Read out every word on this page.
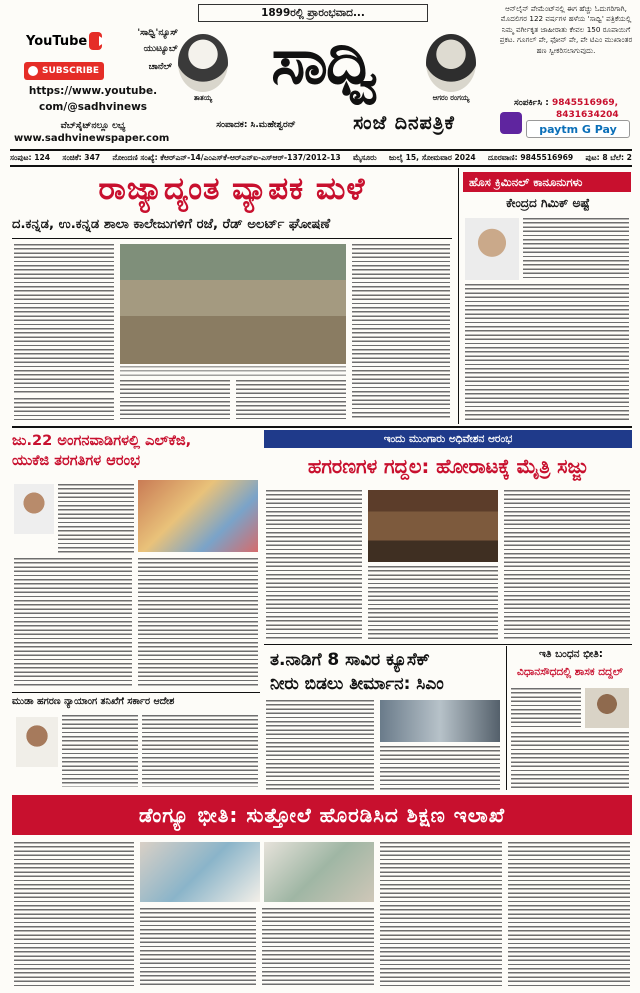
YouTube
SUBSCRIBE
'ಸಾಧ್ವಿ'ನ್ಯೂಸ್
ಯುಟ್ಯೂಬ್
ಚಾನೆಲ್
https://www.youtube.
com/@sadhvinews
ವೆಬ್‌ಸೈಟ್‌ನಲ್ಲೂ ಲಭ್ಯ
www.sadhvinewspaper.com
1899ರಲ್ಲಿ ಪ್ರಾರಂಭವಾದ...
ತಾತಯ್ಯ ಸಾಧ್ವಿ	ಆಗರಂ ರಂಗಯ್ಯ
ಸಂಪಾದಕ: ಸಿ.ಮಹೇಶ್ವರನ್	ಸಂಜೆ ದಿನಪತ್ರಿಕೆ
ಆನ್‌ಲೈನ್ ಪೇಮೆಂಟ್‌ನಲ್ಲಿ ಈಗ ಹೆಚ್ಚು ಓದುಗರಿಗಾಗಿ, ಮೊದಲಿಗರ 122 ವರ್ಷಗಳ ಹಳೆಯ 'ಸಾಧ್ವಿ' ಪತ್ರಿಕೆಯಲ್ಲಿ ನಿಮ್ಮ ವರ್ಗೀಕೃತ ಜಾಹೀರಾತು ಕೇವಲ 150 ರೂಪಾಯಿಗೆ ಪ್ರಕಟ. ಗೂಗಲ್ ಪೇ, ಫೋನ್ ಪೇ, ಪೇ ಟಿಎಂ ಮುಖಾಂತರ ಹಣ ಸ್ವೀಕರಿಸಲಾಗುವುದು.
ಸಂಪರ್ಕಿಸಿ : 9845516969,
8431634204
paytm G Pay
ಸಂಪುಟ: 124 ಸಂಚಿಕೆ: 347 ನೋಂದಣಿ ಸಂಖ್ಯೆ: ಕೆಆರ್‌ಎನ್-14/ಎಂಎಸ್‌ಕೆ-ಆರ್‌ಎನ್‌ಐ-ಎಸ್‌ಆರ್-137/2012-13 ಮೈಸೂರು ಜುಲೈ 15, ಸೋಮವಾರ 2024 ದೂರವಾಣಿ: 9845516969 ಪುಟ: 8 ಬೆಲೆ: 2
ರಾಜ್ಯಾದ್ಯಂತ ವ್ಯಾಪಕ ಮಳೆ
ದ.ಕನ್ನಡ, ಉ.ಕನ್ನಡ ಶಾಲಾ ಕಾಲೇಜುಗಳಿಗೆ ರಜೆ, ರೆಡ್ ಅಲರ್ಟ್ ಘೋಷಣೆ
ಹೊಸ ಕ್ರಿಮಿನಲ್ ಕಾನೂನುಗಳು
ಕೇಂದ್ರದ ಗಿಮಿಕ್ ಅಷ್ಟೆ
ಜು.22 ಅಂಗನವಾಡಿಗಳಲ್ಲಿ ಎಲ್‌ಕೆಜಿ,
ಯುಕೆಜಿ ತರಗತಿಗಳ ಆರಂಭ
ಇಂದು ಮುಂಗಾರು ಅಧಿವೇಶನ ಆರಂಭ
ಹಗರಣಗಳ ಗದ್ದಲ: ಹೋರಾಟಕ್ಕೆ ಮೈತ್ರಿ ಸಜ್ಜು
ತ.ನಾಡಿಗೆ 8 ಸಾವಿರ ಕ್ಯೂಸೆಕ್
ನೀರು ಬಿಡಲು ತೀರ್ಮಾನ: ಸಿಎಂ
ಇತಿ ಬಂಧನ ಭೀತಿ:
ವಿಧಾನಸೌಧದಲ್ಲಿ ಶಾಸಕ ದದ್ದಲ್
ಮುಡಾ ಹಗರಣ ನ್ಯಾಯಾಂಗ ತನಿಖೆಗೆ ಸರ್ಕಾರ ಆದೇಶ
ಡೆಂಗ್ಯೂ ಭೀತಿ: ಸುತ್ತೋಲೆ ಹೊರಡಿಸಿದ ಶಿಕ್ಷಣ ಇಲಾಖೆ
